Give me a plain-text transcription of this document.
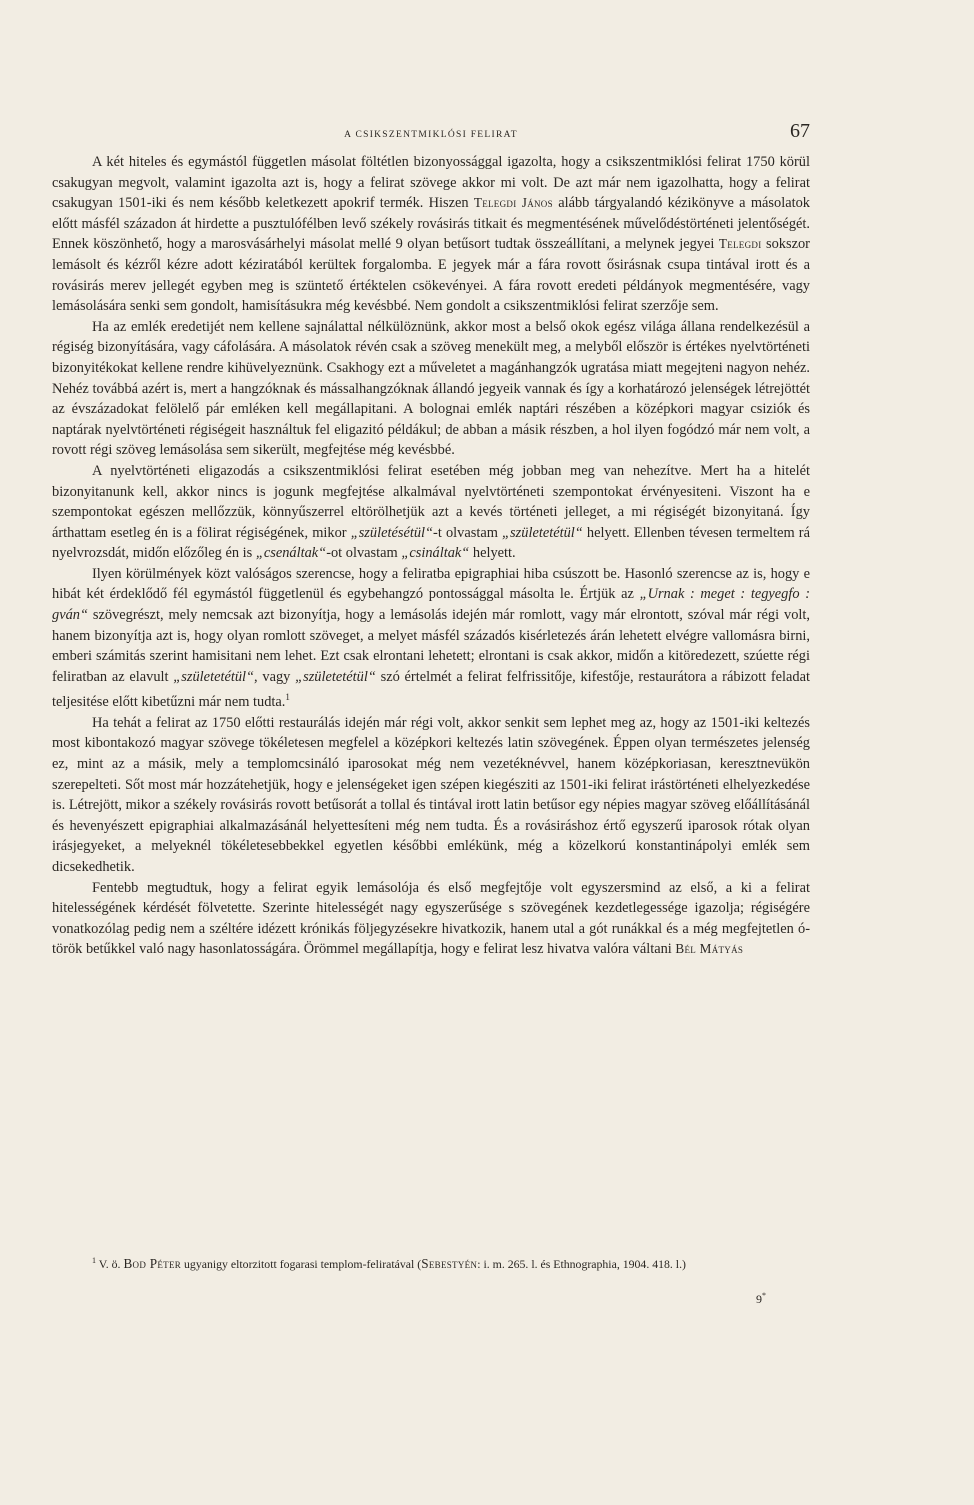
A CSIKSZENTMIKLÓSI FELIRAT	67

A két hiteles és egymástól független másolat föltétlen bizonyossággal igazolta, hogy a csikszentmiklósi felirat 1750 körül csakugyan megvolt, valamint igazolta azt is, hogy a felirat szövege akkor mi volt. De azt már nem igazolhatta, hogy a felirat csakugyan 1501-iki és nem később keletkezett apokrif termék. Hiszen Telegdi János alább tárgyalandó kézikönyve a másolatok előtt másfél századon át hirdette a pusztulófélben levő székely rovásirás titkait és megmentésének művelődéstörténeti jelentőségét. Ennek köszönhető, hogy a marosvásárhelyi másolat mellé 9 olyan betűsort tudtak összeállítani, a melynek jegyei Telegdi sokszor lemásolt és kézről kézre adott kéziratából kerültek forgalomba. E jegyek már a fára rovott ősirásnak csupa tintával irott és a rovásirás merev jellegét egyben meg is szüntető értéktelen csökevényei. A fára rovott eredeti példányok megmentésére, vagy lemásolására senki sem gondolt, hamisításukra még kevésbbé. Nem gondolt a csikszentmiklósi felirat szerzője sem.

Ha az emlék eredetijét nem kellene sajnálattal nélkülöznünk, akkor most a belső okok egész világa állana rendelkezésül a régiség bizonyítására, vagy cáfolására. A másolatok révén csak a szöveg menekült meg, a melyből először is értékes nyelvtörténeti bizonyitékokat kellene rendre kihüvelyeznünk. Csakhogy ezt a műveletet a magánhangzók ugratása miatt megejteni nagyon nehéz. Nehéz továbbá azért is, mert a hangzóknak és mássalhangzóknak állandó jegyeik vannak és így a korhatározó jelenségek létrejöttét az évszázadokat felölelő pár emléken kell megállapitani. A bolognai emlék naptári részében a középkori magyar csiziók és naptárak nyelvtörténeti régiségeit használtuk fel eligazitó példákul; de abban a másik részben, a hol ilyen fogódzó már nem volt, a rovott régi szöveg lemásolása sem sikerült, megfejtése még kevésbbé.

A nyelvtörténeti eligazodás a csikszentmiklósi felirat esetében még jobban meg van nehezítve. Mert ha a hitelét bizonyitanunk kell, akkor nincs is jogunk megfejtése alkalmával nyelvtörténeti szempontokat érvényesiteni. Viszont ha e szempontokat egészen mellőzzük, könnyűszerrel eltörölhetjük azt a kevés történeti jelleget, a mi régiségét bizonyitaná. Így árthattam esetleg én is a fölirat régiségének, mikor „születésétül“-t olvastam „születetétül“ helyett. Ellenben tévesen termeltem rá nyelvrozsdát, midőn előzőleg én is „csenáltak“-ot olvastam „csináltak“ helyett.

Ilyen körülmények közt valóságos szerencse, hogy a feliratba epigraphiai hiba csúszott be. Hasonló szerencse az is, hogy e hibát két érdeklődő fél egymástól függetlenül és egybehangzó pontossággal másolta le. Értjük az „Urnak : meget : tegyegfo : gván“ szövegrészt, mely nemcsak azt bizonyítja, hogy a lemásolás idején már romlott, vagy már elrontott, szóval már régi volt, hanem bizonyítja azt is, hogy olyan romlott szöveget, a melyet másfél századós kisérletezés árán lehetett elvégre vallomásra birni, emberi számitás szerint hamisitani nem lehet. Ezt csak elrontani lehetett; elrontani is csak akkor, midőn a kitöredezett, szúette régi feliratban az elavult „születetétül“, vagy „születetétül“ szó értelmét a felirat felfrissitője, kifestője, restaurátora a rábizott feladat teljesitése előtt kibetűzni már nem tudta.$^1$

Ha tehát a felirat az 1750 előtti restaurálás idején már régi volt, akkor senkit sem lephet meg az, hogy az 1501-iki keltezés most kibontakozó magyar szövege tökéletesen megfelel a középkori keltezés latin szövegének. Éppen olyan természetes jelenség ez, mint az a másik, mely a templomcsináló iparosokat még nem vezetéknévvel, hanem középkoriasan, keresztnevükön szerepelteti. Sőt most már hozzátehetjük, hogy e jelenségeket igen szépen kiegésziti az 1501-iki felirat irástörténeti elhelyezkedése is. Létrejött, mikor a székely rovásirás rovott betűsorát a tollal és tintával irott latin betűsor egy népies magyar szöveg előállításánál és hevenyészett epigraphiai alkalmazásánál helyettesíteni még nem tudta. És a rovásiráshoz értő egyszerű iparosok rótak olyan irásjegyeket, a melyeknél tökéletesebbekkel egyetlen későbbi emlékünk, még a közelkorú konstantinápolyi emlék sem dicsekedhetik.

Fentebb megtudtuk, hogy a felirat egyik lemásolója és első megfejtője volt egyszersmind az első, a ki a felirat hitelességének kérdését fölvetette. Szerinte hitelességét nagy egyszerűsége s szövegének kezdetlegessége igazolja; régiségére vonatkozólag pedig nem a széltére idézett krónikás följegyzésekre hivatkozik, hanem utal a gót runákkal és a még megfejtetlen ó-török betűkkel való nagy hasonlatosságára. Örömmel megállapítja, hogy e felirat lesz hivatva valóra váltani Bél Mátyás

$^1$ V. ö. Bod Péter ugyanigy eltorzitott fogarasi templom-feliratával (Sebestyén: i. m. 265. l. és Ethnographia, 1904. 418. l.)

9*
